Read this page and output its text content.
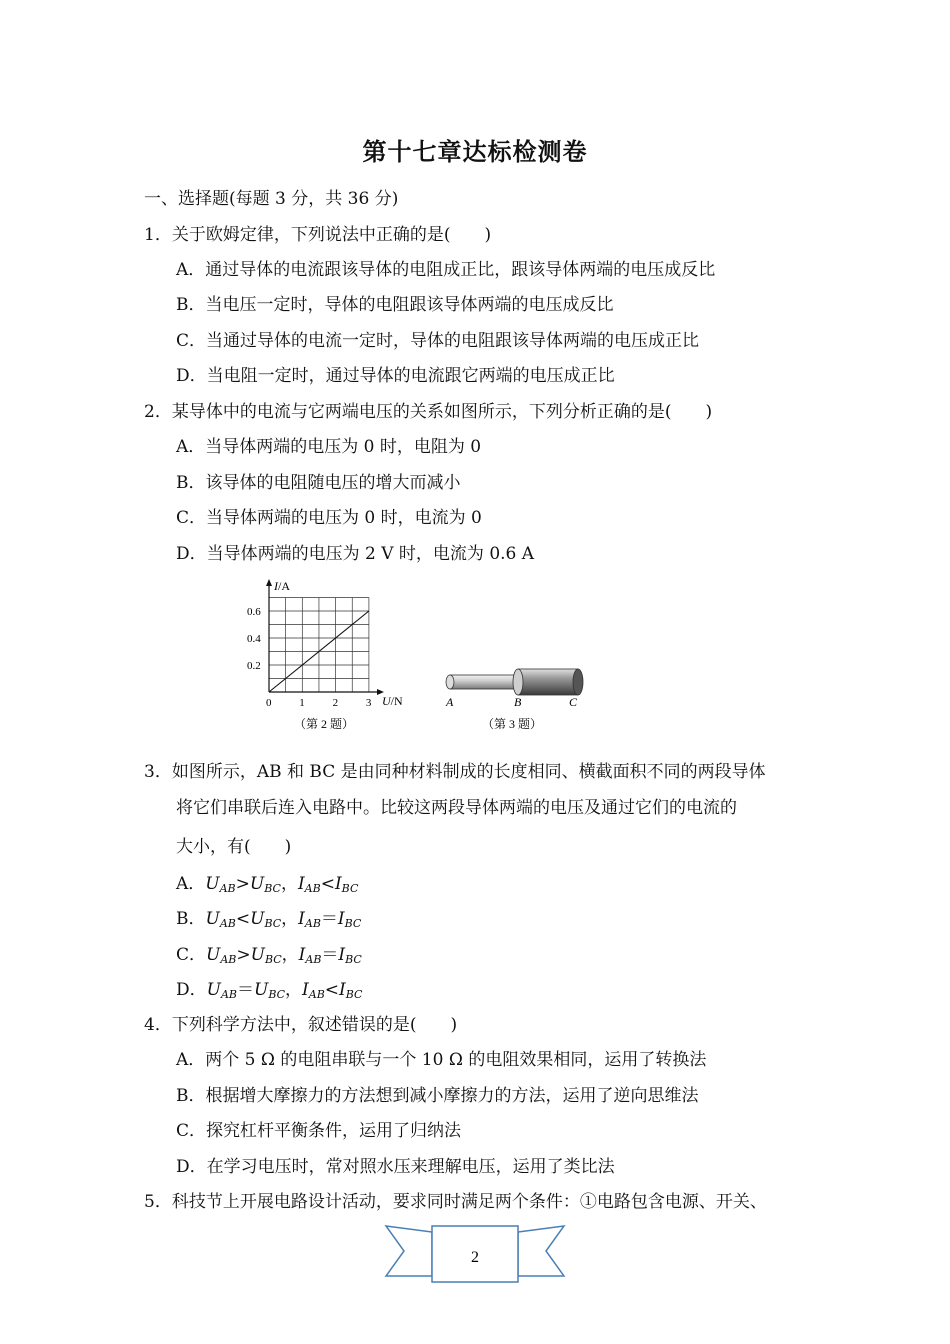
第十七章达标检测卷
一、选择题(每题 3 分，共 36 分)
1．关于欧姆定律，下列说法中正确的是(　　)
A．通过导体的电流跟该导体的电阻成正比，跟该导体两端的电压成反比
B．当电压一定时，导体的电阻跟该导体两端的电压成反比
C．当通过导体的电流一定时，导体的电阻跟该导体两端的电压成正比
D．当电阻一定时，通过导体的电流跟它两端的电压成正比
2．某导体中的电流与它两端电压的关系如图所示，下列分析正确的是(　　)
A．当导体两端的电压为 0 时，电阻为 0
B．该导体的电阻随电压的增大而减小
C．当导体两端的电压为 0 时，电流为 0
D．当导体两端的电压为 2 V 时，电流为 0.6 A
0	1	2	3
0.2
0.4
0.6
I/A
U/N
（第 2 题）
A	B	C
（第 3 题）
3．如图所示，AB 和 BC 是由同种材料制成的长度相同、横截面积不同的两段导体
将它们串联后连入电路中。比较这两段导体两端的电压及通过它们的电流的
大小，有(　　)
A．$U_{AB}>U_{BC}$，$I_{AB}<I_{BC}$
B．$U_{AB}<U_{BC}$，$I_{AB}=I_{BC}$
C．$U_{AB}>U_{BC}$，$I_{AB}=I_{BC}$
D．$U_{AB}=U_{BC}$，$I_{AB}<I_{BC}$
4．下列科学方法中，叙述错误的是(　　)
A．两个 5 Ω 的电阻串联与一个 10 Ω 的电阻效果相同，运用了转换法
B．根据增大摩擦力的方法想到减小摩擦力的方法，运用了逆向思维法
C．探究杠杆平衡条件，运用了归纳法
D．在学习电压时，常对照水压来理解电压，运用了类比法
5．科技节上开展电路设计活动，要求同时满足两个条件：①电路包含电源、开关、
2
